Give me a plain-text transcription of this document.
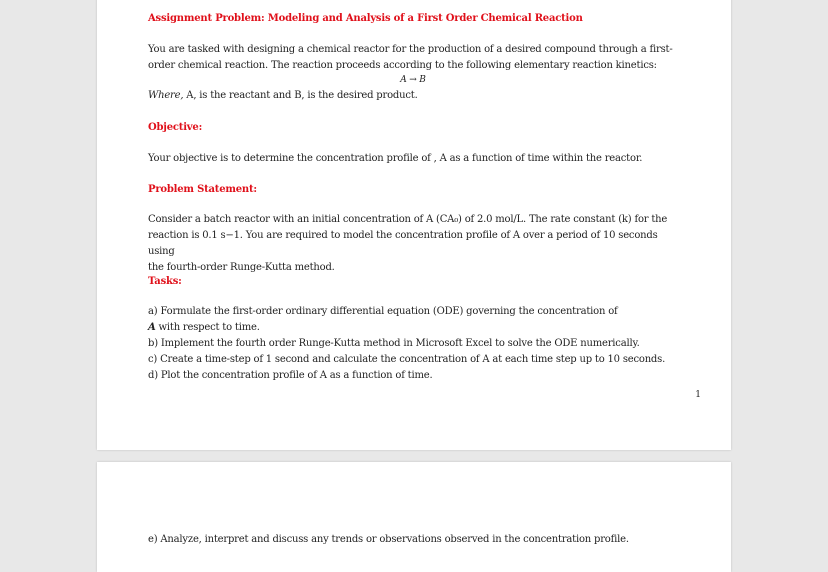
Assignment Problem: Modeling and Analysis of a First Order Chemical Reaction
You are tasked with designing a chemical reactor for the production of a desired compound through a first-
order chemical reaction. The reaction proceeds according to the following elementary reaction kinetics:
A → B
Where, A, is the reactant and B, is the desired product.
Objective:
Your objective is to determine the concentration profile of , A as a function of time within the reactor.
Problem Statement:
Consider a batch reactor with an initial concentration of A (CA₀) of 2.0 mol/L. The rate constant (k) for the
reaction is 0.1 s−1. You are required to model the concentration profile of A over a period of 10 seconds using
the fourth-order Runge-Kutta method.
Tasks:
a) Formulate the first-order ordinary differential equation (ODE) governing the concentration of
A with respect to time.
b) Implement the fourth order Runge-Kutta method in Microsoft Excel to solve the ODE numerically.
c) Create a time-step of 1 second and calculate the concentration of A at each time step up to 10 seconds.
d) Plot the concentration profile of A as a function of time.
1
e) Analyze, interpret and discuss any trends or observations observed in the concentration profile.
